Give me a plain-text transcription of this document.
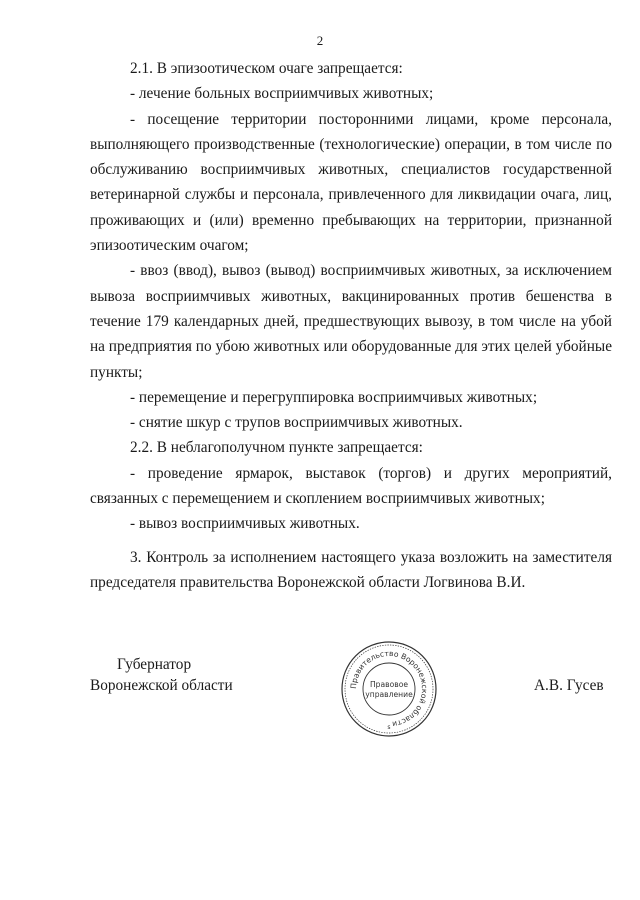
2

2.1. В эпизоотическом очаге запрещается:

- лечение больных восприимчивых животных;

- посещение территории посторонними лицами, кроме персонала, выполняющего производственные (технологические) операции, в том числе по обслуживанию восприимчивых животных, специалистов государственной ветеринарной службы и персонала, привлеченного для ликвидации очага, лиц, проживающих и (или) временно пребывающих на территории, признанной эпизоотическим очагом;

- ввоз (ввод), вывоз (вывод) восприимчивых животных, за исключением вывоза восприимчивых животных, вакцинированных против бешенства в течение 179 календарных дней, предшествующих вывозу, в том числе на убой на предприятия по убою животных или оборудованные для этих целей убойные пункты;

- перемещение и перегруппировка восприимчивых животных;

- снятие шкур с трупов восприимчивых животных.

2.2. В неблагополучном пункте запрещается:

- проведение ярмарок, выставок (торгов) и других мероприятий, связанных с перемещением и скоплением восприимчивых животных;

- вывоз восприимчивых животных.

3. Контроль за исполнением настоящего указа возложить на заместителя председателя правительства Воронежской области Логвинова В.И.

Губернатор
Воронежской области	Правительство Воронежской области
Правовое
управление
s
А.В. Гусев
